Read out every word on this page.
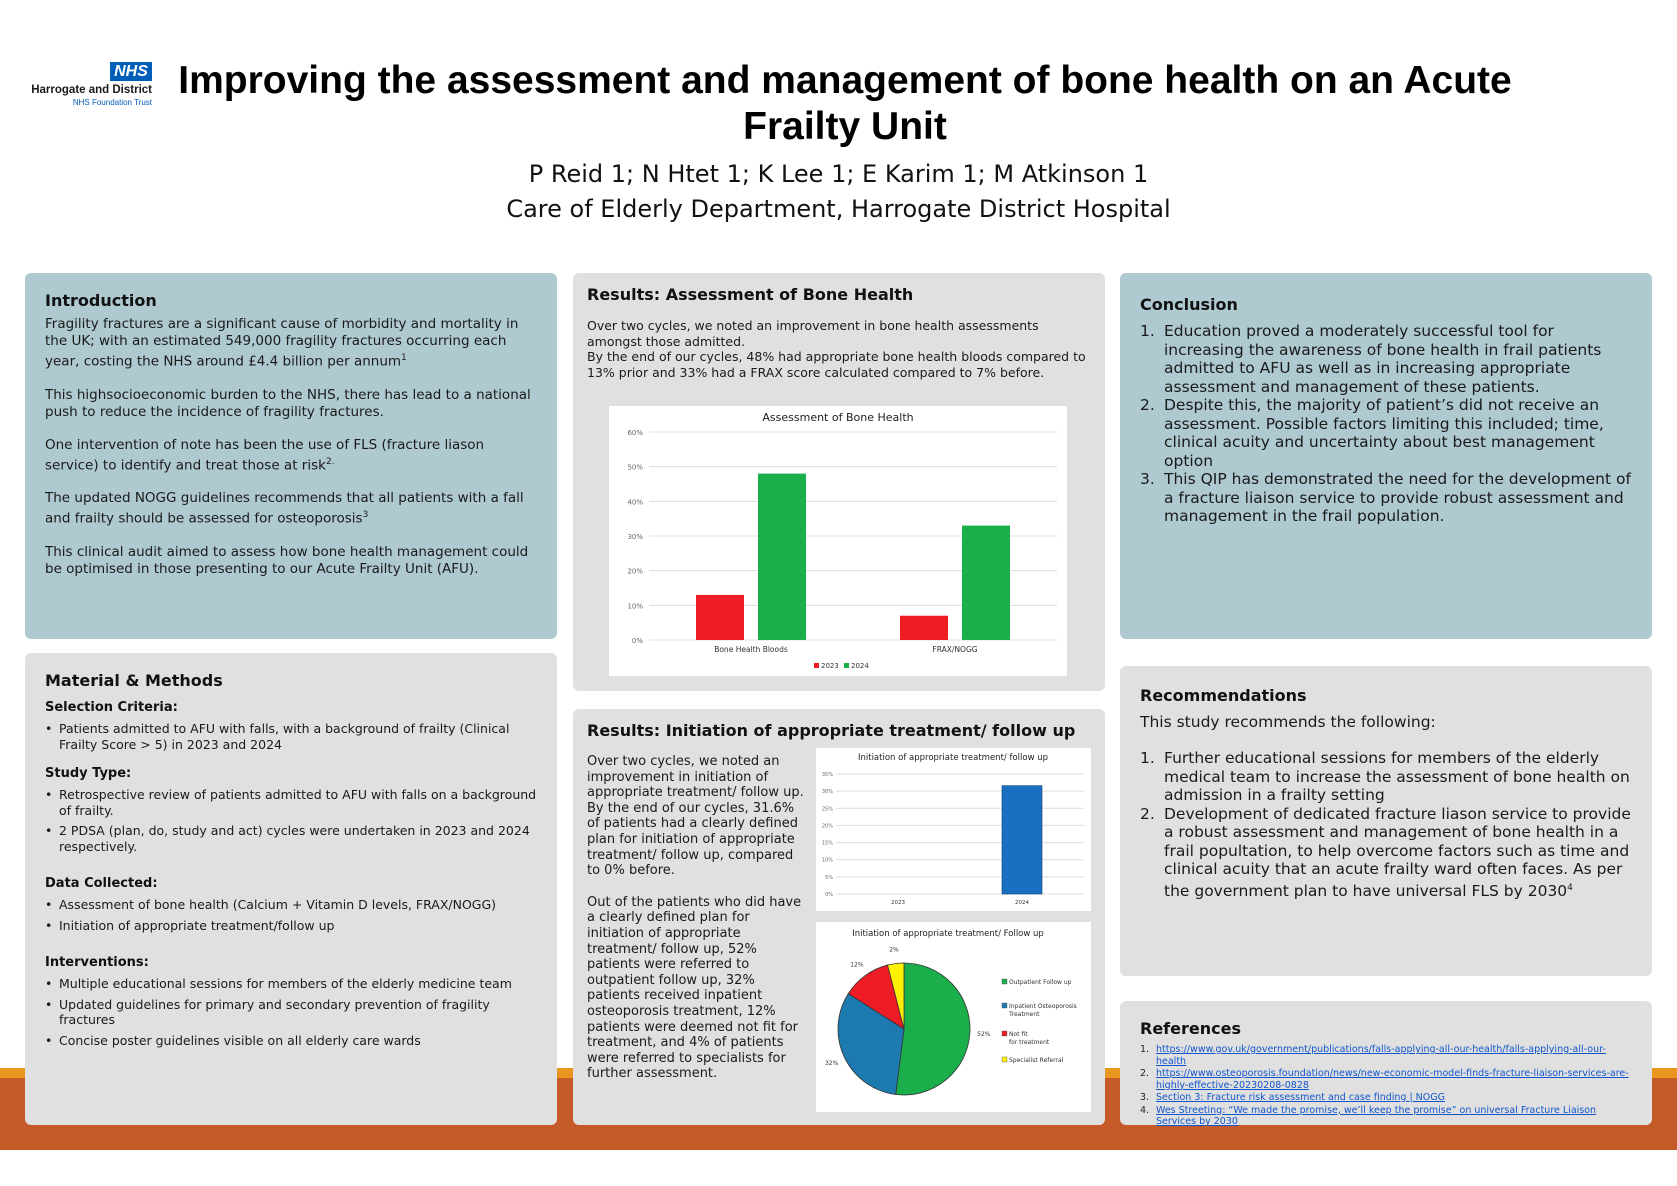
NHS
Harrogate and District
NHS Foundation Trust
Improving the assessment and management of bone health on an Acute Frailty Unit
P Reid 1; N Htet 1; K Lee 1; E Karim 1; M Atkinson 1
Care of Elderly Department, Harrogate District Hospital
Introduction

Fragility fractures are a significant cause of morbidity and mortality in the UK; with an estimated 549,000 fragility fractures occurring each year, costing the NHS around £4.4 billion per annum$^1$

This highsocioeconomic burden to the NHS, there has lead to a national push to reduce the incidence of fragility fractures.

One intervention of note has been the use of FLS (fracture liason service) to identify and treat those at risk$^{2.}$

The updated NOGG guidelines recommends that all patients with a fall and frailty should be assessed for osteoporosis$^3$

This clinical audit aimed to assess how bone health management could be optimised in those presenting to our Acute Frailty Unit (AFU).

Material & Methods
Selection Criteria:
• Patients admitted to AFU with falls, with a background of frailty (Clinical Frailty Score > 5) in 2023 and 2024
Study Type:
• Retrospective review of patients admitted to AFU with falls on a background of frailty.
• 2 PDSA (plan, do, study and act) cycles were undertaken in 2023 and 2024 respectively.
Data Collected:
• Assessment of bone health (Calcium + Vitamin D levels, FRAX/NOGG)
• Initiation of appropriate treatment/follow up
Interventions:
• Multiple educational sessions for members of the elderly medicine team
• Updated guidelines for primary and secondary prevention of fragility fractures
• Concise poster guidelines visible on all elderly care wards
Results: Assessment of Bone Health
Over two cycles, we noted an improvement in bone health assessments amongst those admitted.
By the end of our cycles, 48% had appropriate bone health bloods compared to 13% prior and 33% had a FRAX score calculated compared to 7% before.
Assessment of Bone Health
0%
10%
20%
30%
40%
50%
60%
Bone Health Bloods	FRAX/NOGG
2023 2024
Results: Initiation of appropriate treatment/ follow up
Over two cycles, we noted an improvement in initiation of appropriate treatment/ follow up.
By the end of our cycles, 31.6% of patients had a clearly defined plan for initiation of appropriate treatment/ follow up, compared to 0% before.
Out of the patients who did have a clearly defined plan for initiation of appropriate treatment/ follow up, 52% patients were referred to outpatient follow up, 32% patients received inpatient osteoporosis treatment, 12% patients were deemed not fit for treatment, and 4% of patients were referred to specialists for further assessment.
Initiation of appropriate treatment/ follow up
0%
5%
10%
15%
20%
25%
30%
35%
2023	2024
Initiation of appropriate treatment/ Follow up
52%
32%
12%
2%
Outpatient Follow up
Inpatient Osteoporosis
Treatment
Not fit
for treatment
Specialist Referral
Conclusion
1. Education proved a moderately successful tool for increasing the awareness of bone health in frail patients admitted to AFU as well as in increasing appropriate assessment and management of these patients.
2. Despite this, the majority of patient’s did not receive an assessment. Possible factors limiting this included; time, clinical acuity and uncertainty about best management option
3. This QIP has demonstrated the need for the development of a fracture liaison service to provide robust assessment and management in the frail population.
Recommendations
This study recommends the following:
1. Further educational sessions for members of the elderly medical team to increase the assessment of bone health on admission in a frailty setting
2. Development of dedicated fracture liason service to provide a robust assessment and management of bone health in a frail popultation, to help overcome factors such as time and clinical acuity that an acute frailty ward often faces. As per the government plan to have universal FLS by 2030$^4$
References
1. https://www.gov.uk/government/publications/falls-applying-all-our-health/falls-applying-all-our-health
2. https://www.osteoporosis.foundation/news/new-economic-model-finds-fracture-liaison-services-are-highly-effective-20230208-0828
3. Section 3: Fracture risk assessment and case finding | NOGG
4. Wes Streeting: “We made the promise, we’ll keep the promise” on universal Fracture Liaison Services by 2030
